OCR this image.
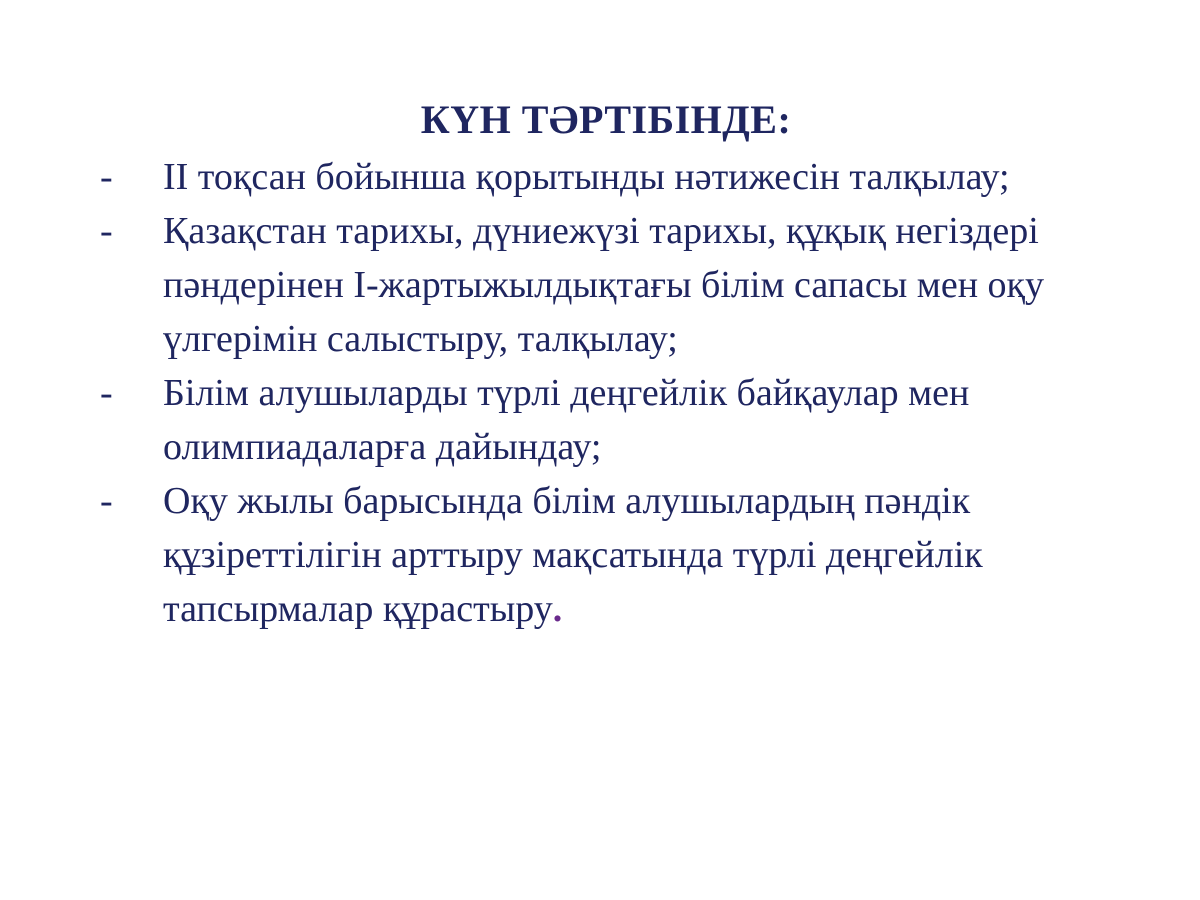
КҮН ТӘРТІБІНДЕ:
-	ІІ тоқсан бойынша қорытынды нәтижесін талқылау;
-	Қазақстан тарихы, дүниежүзі тарихы, құқық негіздері пәндерінен І-жартыжылдықтағы білім сапасы мен оқу үлгерімін салыстыру, талқылау;
-	Білім алушыларды түрлі деңгейлік байқаулар мен олимпиадаларға дайындау;
-	Оқу жылы барысында білім алушылардың пәндік құзіреттілігін арттыру мақсатында түрлі деңгейлік тапсырмалар құрастыру.
